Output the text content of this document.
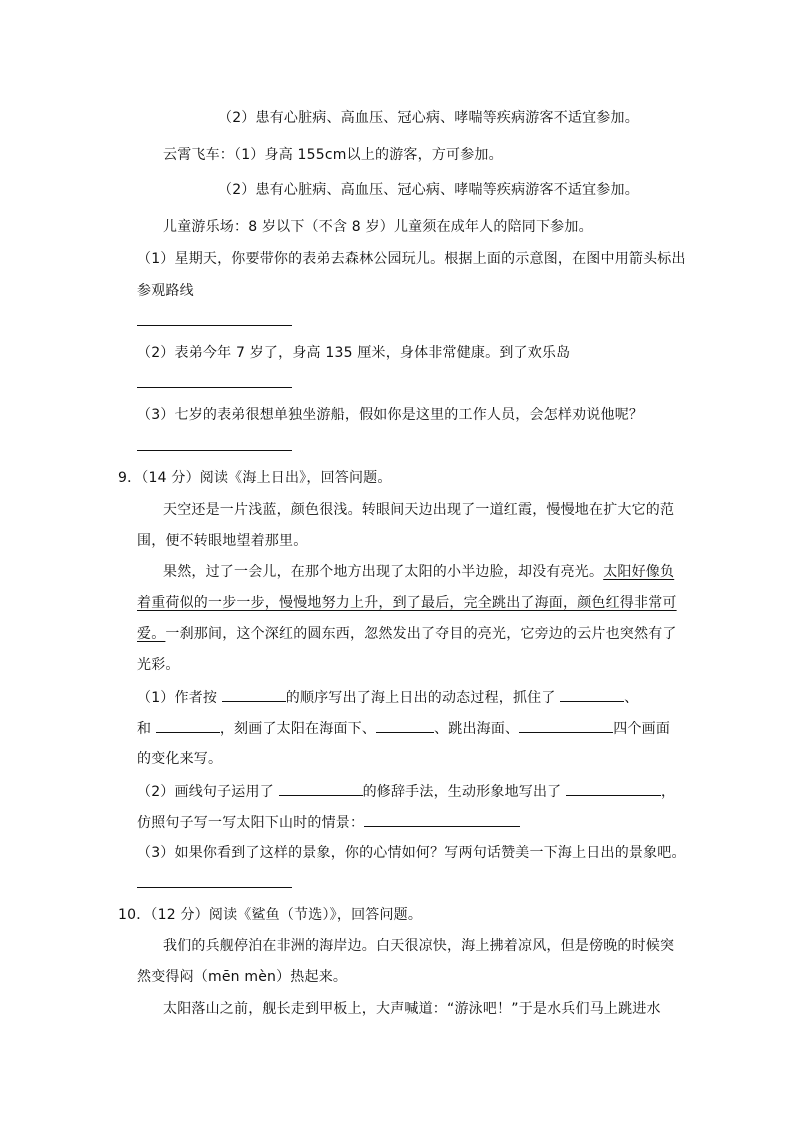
（2）患有心脏病、高血压、冠心病、哮喘等疾病游客不适宜参加。
云霄飞车：（1）身高 155cm以上的游客，方可参加。
（2）患有心脏病、高血压、冠心病、哮喘等疾病游客不适宜参加。
儿童游乐场：8 岁以下（不含 8 岁）儿童须在成年人的陪同下参加。
（1）星期天，你要带你的表弟去森林公园玩儿。根据上面的示意图，在图中用箭头标出
参观路线
（2）表弟今年 7 岁了，身高 135 厘米，身体非常健康。到了欢乐岛
（3）七岁的表弟很想单独坐游船，假如你是这里的工作人员，会怎样劝说他呢？
9．（14 分）阅读《海上日出》，回答问题。
天空还是一片浅蓝，颜色很浅。转眼间天边出现了一道红霞，慢慢地在扩大它的范
围，便不转眼地望着那里。
果然，过了一会儿，在那个地方出现了太阳的小半边脸，却没有亮光。太阳好像负
着重荷似的一步一步，慢慢地努力上升，到了最后，完全跳出了海面，颜色红得非常可
爱。一刹那间，这个深红的圆东西，忽然发出了夺目的亮光，它旁边的云片也突然有了
光彩。
（1）作者按	的顺序写出了海上日出的动态过程，抓住了	、
和	，刻画了太阳在海面下、	、跳出海面、	四个画面
的变化来写。
（2）画线句子运用了	的修辞手法，生动形象地写出了	，
仿照句子写一写太阳下山时的情景：
（3）如果你看到了这样的景象，你的心情如何？写两句话赞美一下海上日出的景象吧。
10．（12 分）阅读《鲨鱼（节选）》，回答问题。
我们的兵舰停泊在非洲的海岸边。白天很凉快，海上拂着凉风，但是傍晚的时候突
然变得闷（mēn mèn）热起来。
太阳落山之前，舰长走到甲板上，大声喊道：“游泳吧！”于是水兵们马上跳进水
